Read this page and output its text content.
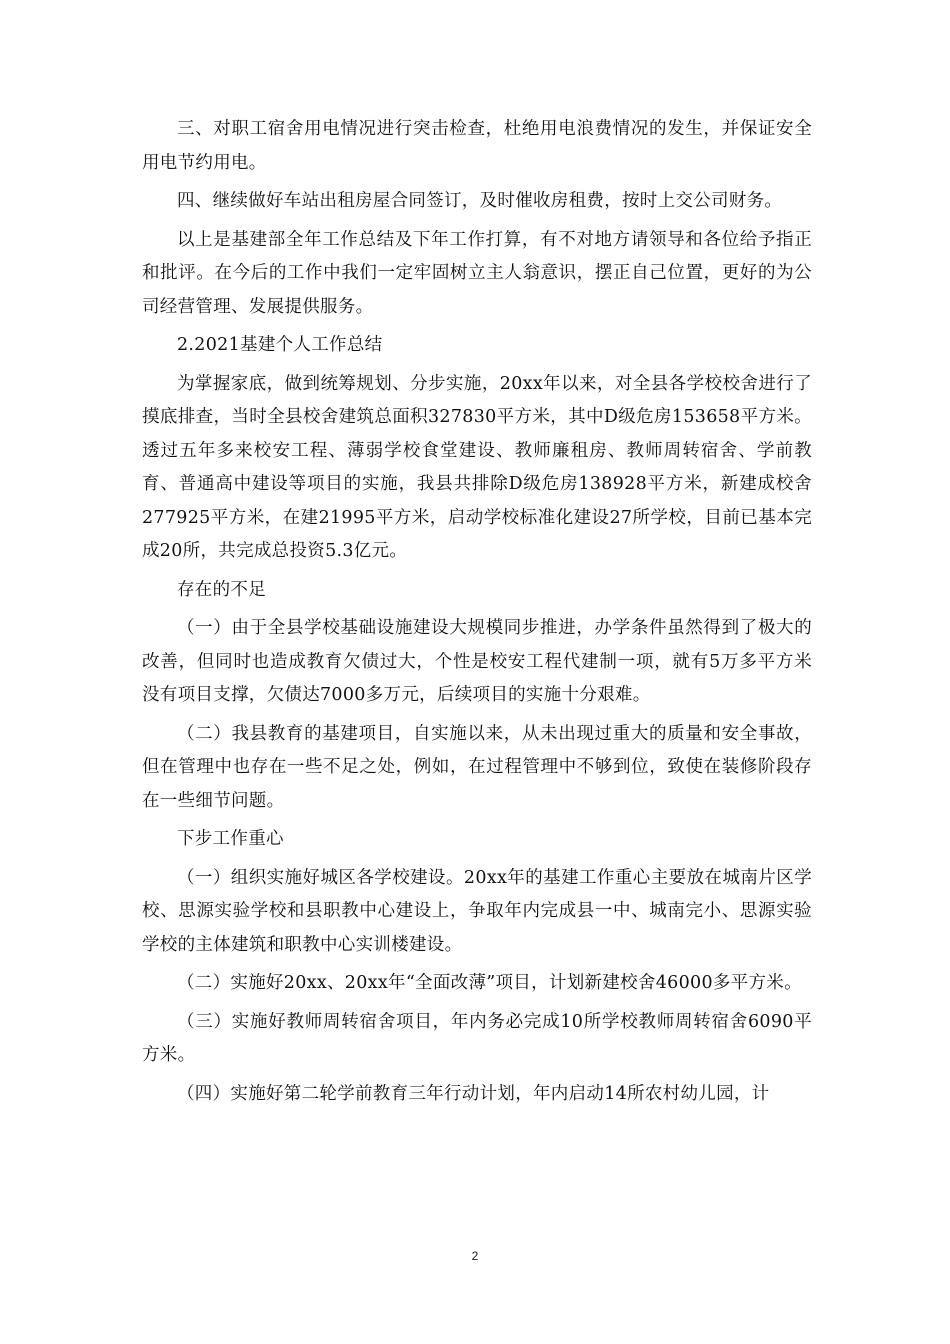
三、对职工宿舍用电情况进行突击检查，杜绝用电浪费情况的发生，并保证安全用电节约用电。

四、继续做好车站出租房屋合同签订，及时催收房租费，按时上交公司财务。

以上是基建部全年工作总结及下年工作打算，有不对地方请领导和各位给予指正和批评。在今后的工作中我们一定牢固树立主人翁意识，摆正自己位置，更好的为公司经营管理、发展提供服务。

2.2021基建个人工作总结

为掌握家底，做到统筹规划、分步实施，20xx年以来，对全县各学校校舍进行了摸底排查，当时全县校舍建筑总面积327830平方米，其中D级危房153658平方米。透过五年多来校安工程、薄弱学校食堂建设、教师廉租房、教师周转宿舍、学前教育、普通高中建设等项目的实施，我县共排除D级危房138928平方米，新建成校舍277925平方米，在建21995平方米，启动学校标准化建设27所学校，目前已基本完成20所，共完成总投资5.3亿元。

存在的不足

（一）由于全县学校基础设施建设大规模同步推进，办学条件虽然得到了极大的改善，但同时也造成教育欠债过大，个性是校安工程代建制一项，就有5万多平方米没有项目支撑，欠债达7000多万元，后续项目的实施十分艰难。

（二）我县教育的基建项目，自实施以来，从未出现过重大的质量和安全事故，但在管理中也存在一些不足之处，例如，在过程管理中不够到位，致使在装修阶段存在一些细节问题。

下步工作重心

（一）组织实施好城区各学校建设。20xx年的基建工作重心主要放在城南片区学校、思源实验学校和县职教中心建设上，争取年内完成县一中、城南完小、思源实验学校的主体建筑和职教中心实训楼建设。

（二）实施好20xx、20xx年“全面改薄”项目，计划新建校舍46000多平方米。

（三）实施好教师周转宿舍项目，年内务必完成10所学校教师周转宿舍6090平方米。

（四）实施好第二轮学前教育三年行动计划，年内启动14所农村幼儿园，计

2
